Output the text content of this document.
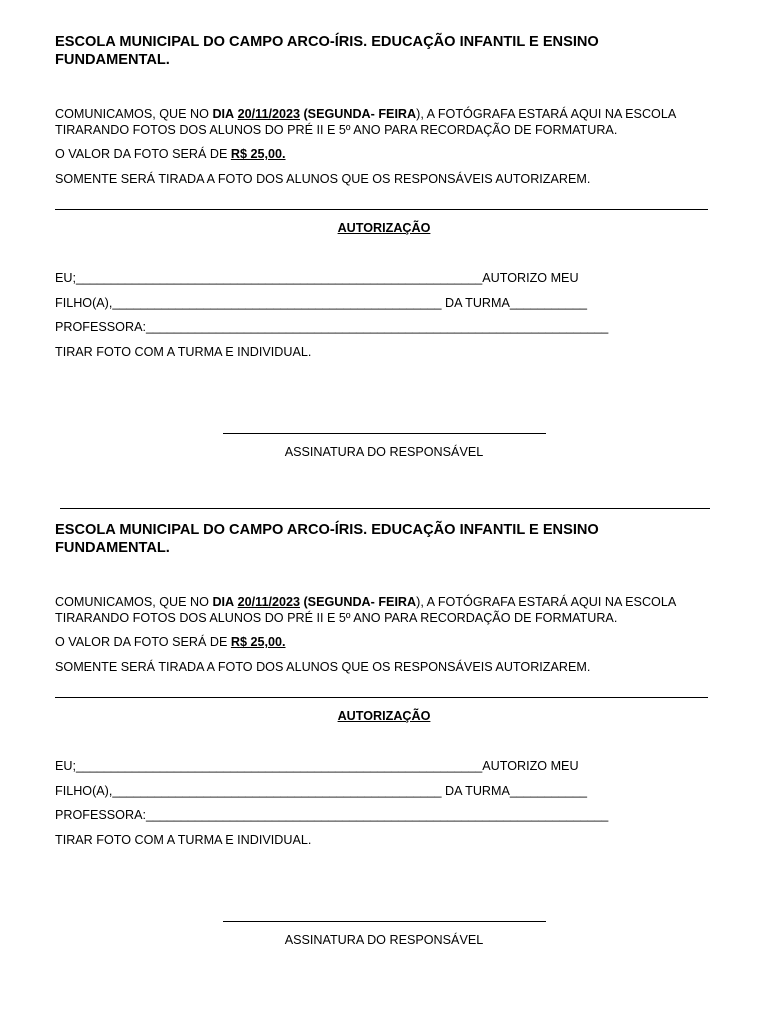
ESCOLA MUNICIPAL DO CAMPO ARCO-ÍRIS. EDUCAÇÃO INFANTIL E ENSINO FUNDAMENTAL.
COMUNICAMOS, QUE NO DIA 20/11/2023 (SEGUNDA- FEIRA), A FOTÓGRAFA ESTARÁ AQUI NA ESCOLA TIRARANDO FOTOS DOS ALUNOS DO PRÉ II E 5º ANO PARA RECORDAÇÃO DE FORMATURA.
O VALOR DA FOTO SERÁ DE R$ 25,00.
SOMENTE SERÁ TIRADA A FOTO DOS ALUNOS QUE OS RESPONSÁVEIS AUTORIZAREM.
AUTORIZAÇÃO
EU;__________________________________________________________AUTORIZO MEU
FILHO(A),_______________________________________________ DA TURMA___________
PROFESSORA:__________________________________________________________________
TIRAR FOTO COM A TURMA E INDIVIDUAL.
ASSINATURA DO RESPONSÁVEL
ESCOLA MUNICIPAL DO CAMPO ARCO-ÍRIS. EDUCAÇÃO INFANTIL E ENSINO FUNDAMENTAL.
COMUNICAMOS, QUE NO DIA 20/11/2023 (SEGUNDA- FEIRA), A FOTÓGRAFA ESTARÁ AQUI NA ESCOLA TIRARANDO FOTOS DOS ALUNOS DO PRÉ II E 5º ANO PARA RECORDAÇÃO DE FORMATURA.
O VALOR DA FOTO SERÁ DE R$ 25,00.
SOMENTE SERÁ TIRADA A FOTO DOS ALUNOS QUE OS RESPONSÁVEIS AUTORIZAREM.
AUTORIZAÇÃO
EU;__________________________________________________________AUTORIZO MEU
FILHO(A),_______________________________________________ DA TURMA___________
PROFESSORA:__________________________________________________________________
TIRAR FOTO COM A TURMA E INDIVIDUAL.
ASSINATURA DO RESPONSÁVEL
